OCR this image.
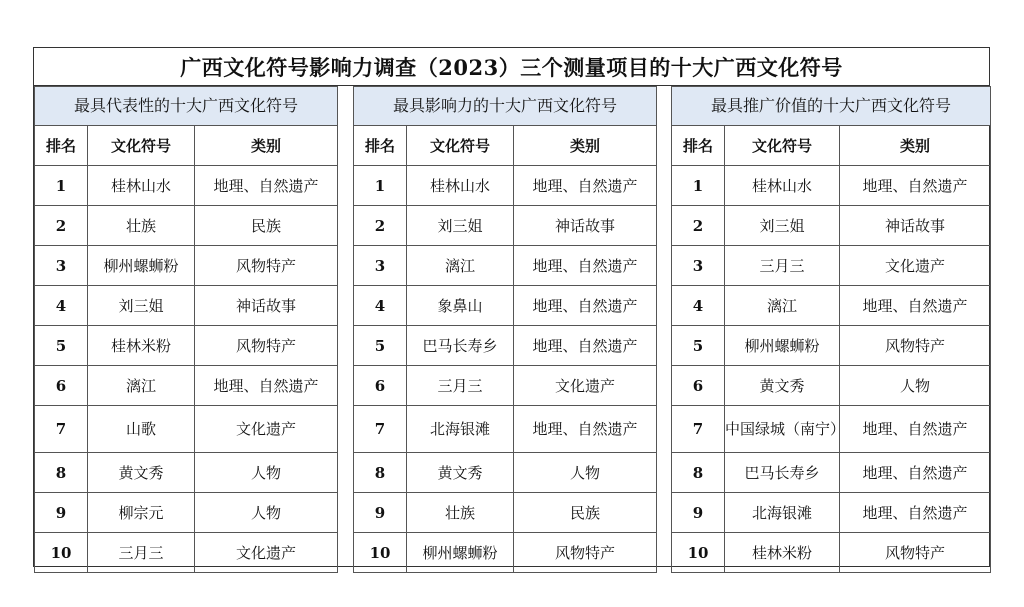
广西文化符号影响力调查（2023）三个测量项目的十大广西文化符号
最具代表性的十大广西文化符号		
排名	文化符号	类别
1	桂林山水	地理、自然遗产
2	壮族	民族
3	柳州螺蛳粉	风物特产
4	刘三姐	神话故事
5	桂林米粉	风物特产
6	漓江	地理、自然遗产
7	山歌	文化遗产
8	黄文秀	人物
9	柳宗元	人物
10	三月三	文化遗产
最具影响力的十大广西文化符号		
排名	文化符号	类别
1	桂林山水	地理、自然遗产
2	刘三姐	神话故事
3	漓江	地理、自然遗产
4	象鼻山	地理、自然遗产
5	巴马长寿乡	地理、自然遗产
6	三月三	文化遗产
7	北海银滩	地理、自然遗产
8	黄文秀	人物
9	壮族	民族
10	柳州螺蛳粉	风物特产
最具推广价值的十大广西文化符号		
排名	文化符号	类别
1	桂林山水	地理、自然遗产
2	刘三姐	神话故事
3	三月三	文化遗产
4	漓江	地理、自然遗产
5	柳州螺蛳粉	风物特产
6	黄文秀	人物
7	中国绿城（南宁）	地理、自然遗产
8	巴马长寿乡	地理、自然遗产
9	北海银滩	地理、自然遗产
10	桂林米粉	风物特产
